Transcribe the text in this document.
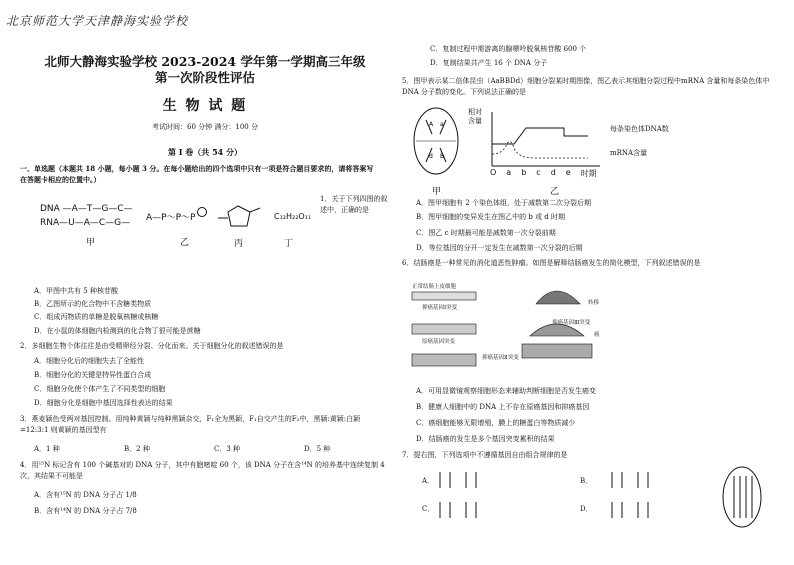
北京师范大学天津静海实验学校
北师大静海实验学校 2023-2024 学年第一学期高三年级
第一次阶段性评估
生 物 试 题
考试时间：60 分钟 满分：100 分
第 I 卷（共 54 分）
一、单选题（本题共 18 小题，每小题 3 分。在每小题给出的四个选项中只有一项是符合题目要求的，请将答案写在答题卡相应的位置中。）
DNA —A—T—G—C—
RNA—U—A—C—G—
甲
A—P～P～P
乙	丙
C₁₂H₂₂O₁₁
丁
1．关于下列四图的叙述中，正确的是
A．甲图中共有 5 种核苷酸
B．乙图所示的化合物中不含糖类物质
C．组成丙物质的单糖是脱氧核糖或核糖
D．在小鼠的体细胞内检测到的化合物丁很可能是蔗糖
2．多细胞生物个体往往是由受精卵经分裂、分化而来。关于细胞分化的叙述错误的是
A．细胞分化后的细胞失去了全能性
B．细胞分化的关键是特异性蛋白合成
C．细胞分化使个体产生了不同类型的细胞
D．细胞分化是细胞中基因选择性表达的结果
3．燕麦颖色受两对基因控制。用纯种黄颖与纯种黑颖杂交，F₁全为黑颖，F₁自交产生的F₂中，黑颖:黄颖:白颖=12:3:1 则黄颖的基因型有
A．1 种	B．2 种	C．3 种	D．5 种
4．用¹⁵N 标记含有 100 个碱基对的 DNA 分子，其中有胞嘧啶 60 个，该 DNA 分子在含¹⁴N 的培养基中连续复制 4 次，其结果不可能是
A．含有¹⁵N 的 DNA 分子占 1/8
B．含有¹⁴N 的 DNA 分子占 7/8
C．复制过程中需游离的腺嘌呤脱氧核苷酸 600 个
D．复制结果共产生 16 个 DNA 分子
5．图甲表示某二倍体昆虫（AaBBDd）细胞分裂某时期图像，图乙表示其细胞分裂过程中mRNA 含量和每条染色体中DNA 分子数的变化。下列说法正确的是
A a
d B
甲
相对含量
每条染色体DNA数
mRNA含量
O a b c d e 时期
乙
A．图甲细胞有 2 个染色体组，处于减数第二次分裂后期
B．图甲细胞的变异发生在图乙中的 b 或 d 时期
C．图乙 c 时期最可能是减数第一次分裂前期
D．等位基因的分开一定发生在减数第一次分裂的后期
6．结肠癌是一种常见的消化道恶性肿瘤。如图是解释结肠癌发生的简化模型，下列叙述错误的是
正常结肠上皮细胞
抑癌基因Ⅰ突变
原癌基因突变
抑癌基因Ⅱ突变
抑癌基因Ⅲ突变
癌
转移
A．可用显微镜观察细胞形态来辅助判断细胞是否发生癌变
B．健康人细胞中的 DNA 上不存在原癌基因和抑癌基因
C．癌细胞能够无限增殖，膜上的糖蛋白等物质减少
D．结肠癌的发生是多个基因突变累积的结果
7．提右图，下列选项中不遵循基因自由组合规律的是
A．	B．
C．	D．
